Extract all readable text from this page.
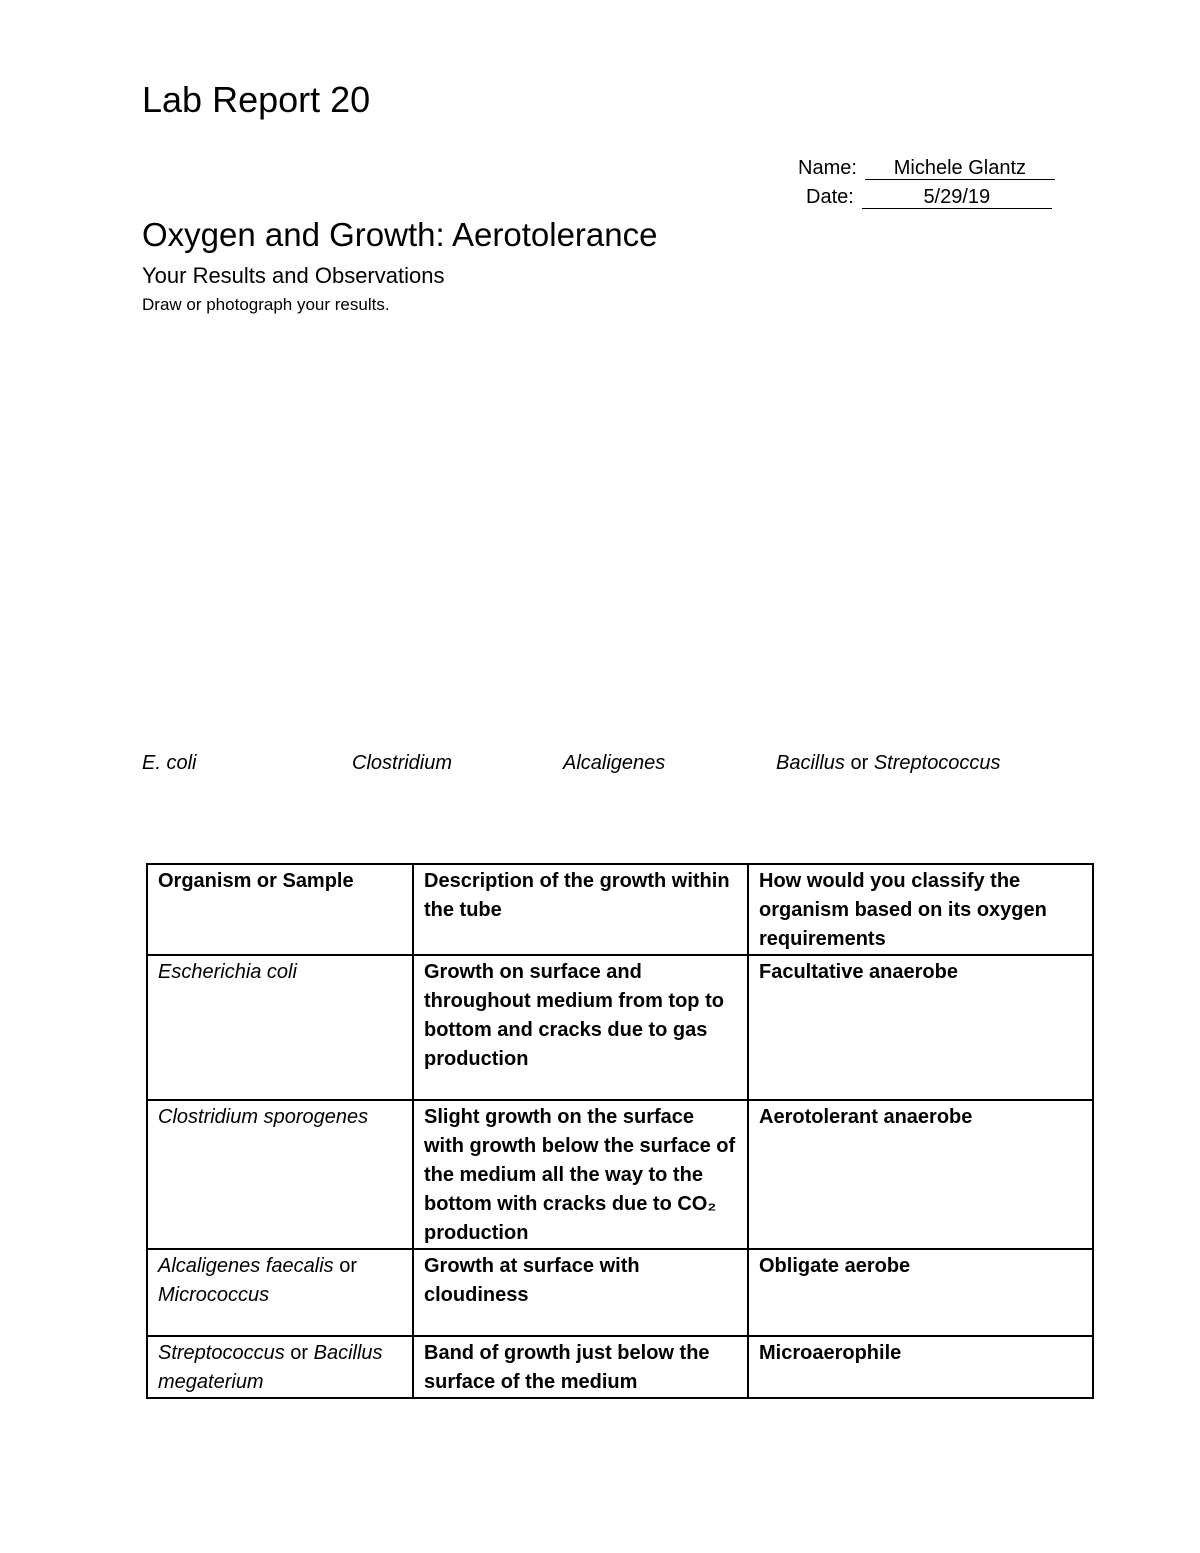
Lab Report 20
Name: Michele Glantz
Date:	5/29/19
Oxygen and Growth: Aerotolerance
Your Results and Observations
Draw or photograph your results.
E. coli	Clostridium	Alcaligenes	Bacillus or Streptococcus
Organism or Sample	Description of the growth within the tube	How would you classify the organism based on its oxygen requirements
Escherichia coli	Growth on surface and throughout medium from top to bottom and cracks due to gas production	Facultative anaerobe
Clostridium sporogenes	Slight growth on the surface with growth below the surface of the medium all the way to the bottom with cracks due to CO₂ production	Aerotolerant anaerobe
Alcaligenes faecalis or Micrococcus	Growth at surface with cloudiness	Obligate aerobe
Streptococcus or Bacillus megaterium	Band of growth just below the surface of the medium	Microaerophile
